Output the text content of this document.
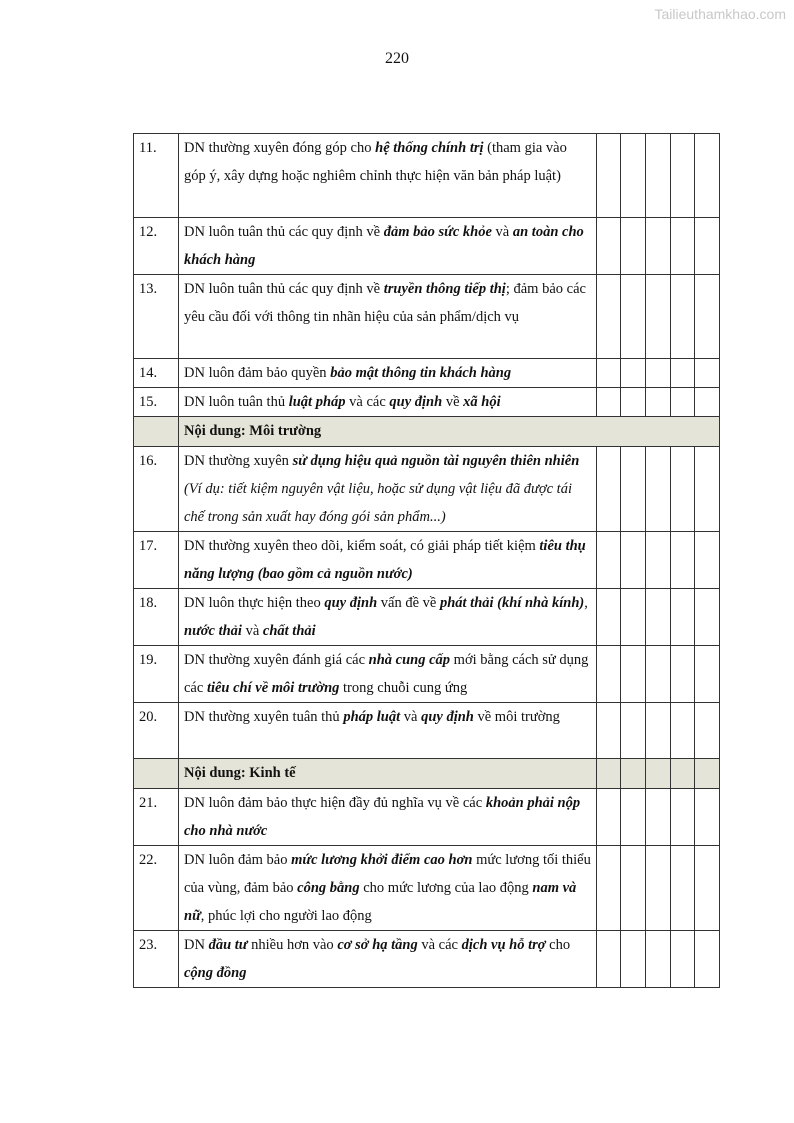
Tailieuthamkhao.com
220
11.	DN thường xuyên đóng góp cho hệ thống chính trị (tham gia vào góp ý, xây dựng hoặc nghiêm chỉnh thực hiện văn bản pháp luật)					
12.	DN luôn tuân thủ các quy định về đảm bảo sức khỏe và an toàn cho khách hàng					
13.	DN luôn tuân thủ các quy định về truyền thông tiếp thị; đảm bảo các yêu cầu đối với thông tin nhãn hiệu của sản phẩm/dịch vụ					
14.	DN luôn đảm bảo quyền bảo mật thông tin khách hàng					
15.	DN luôn tuân thủ luật pháp và các quy định về xã hội					
	Nội dung: Môi trường					
16.	DN thường xuyên sử dụng hiệu quả nguồn tài nguyên thiên nhiên (Ví dụ: tiết kiệm nguyên vật liệu, hoặc sử dụng vật liệu đã được tái chế trong sản xuất hay đóng gói sản phẩm...)					
17.	DN thường xuyên theo dõi, kiểm soát, có giải pháp tiết kiệm tiêu thụ năng lượng (bao gồm cả nguồn nước)					
18.	DN luôn thực hiện theo quy định vấn đề về phát thải (khí nhà kính), nước thải và chất thải					
19.	DN thường xuyên đánh giá các nhà cung cấp mới bằng cách sử dụng các tiêu chí về môi trường trong chuỗi cung ứng					
20.	DN thường xuyên tuân thủ pháp luật và quy định về môi trường					
	Nội dung: Kinh tế					
21.	DN luôn đảm bảo thực hiện đầy đủ nghĩa vụ về các khoản phải nộp cho nhà nước					
22.	DN luôn đảm bảo mức lương khởi điểm cao hơn mức lương tối thiểu của vùng, đảm bảo công bằng cho mức lương của lao động nam và nữ, phúc lợi cho người lao động					
23.	DN đầu tư nhiều hơn vào cơ sở hạ tầng và các dịch vụ hỗ trợ cho cộng đồng					
